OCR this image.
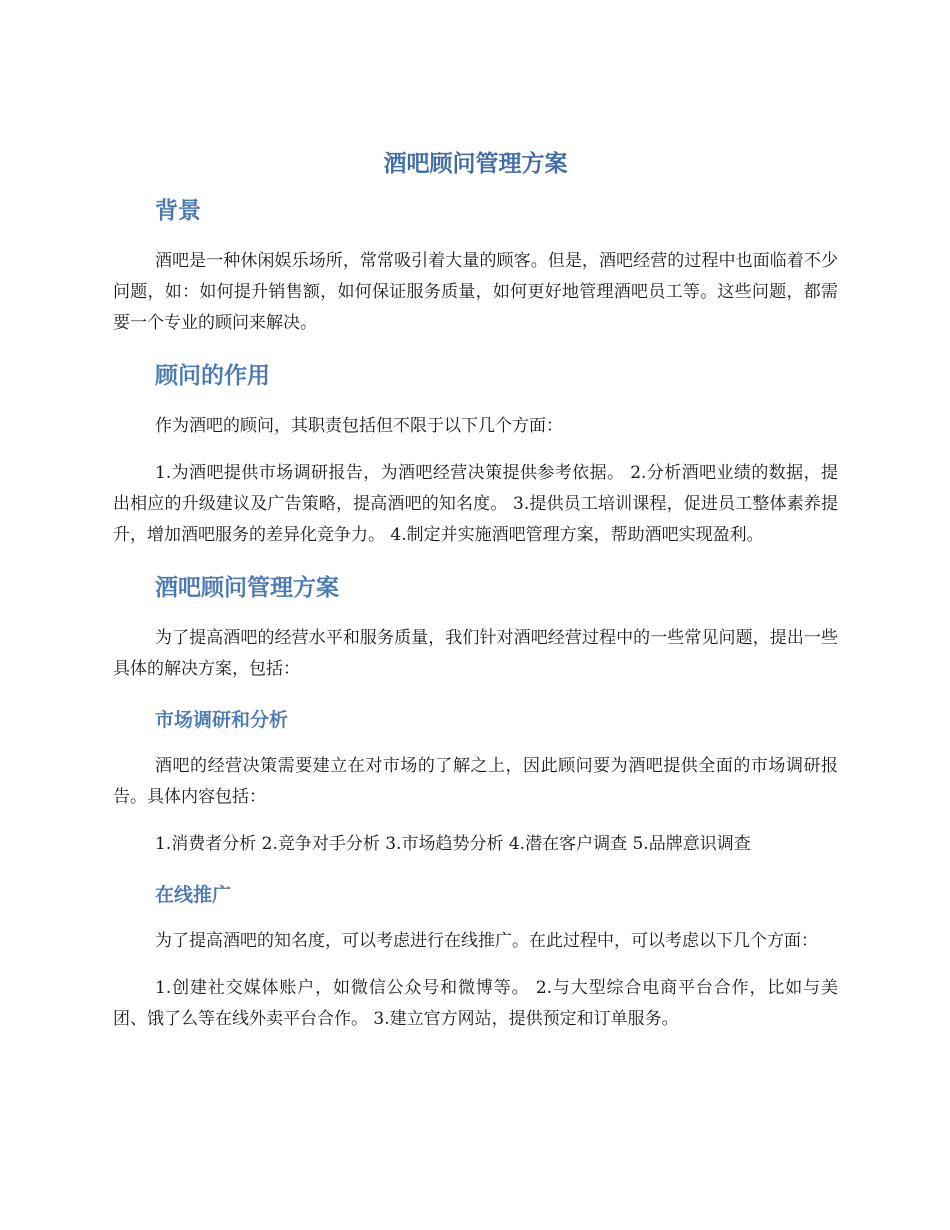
酒吧顾问管理方案
背景

酒吧是一种休闲娱乐场所，常常吸引着大量的顾客。但是，酒吧经营的过程中也面临着不少问题，如：如何提升销售额，如何保证服务质量，如何更好地管理酒吧员工等。这些问题，都需要一个专业的顾问来解决。

顾问的作用

作为酒吧的顾问，其职责包括但不限于以下几个方面：

1.为酒吧提供市场调研报告，为酒吧经营决策提供参考依据。 2.分析酒吧业绩的数据，提出相应的升级建议及广告策略，提高酒吧的知名度。 3.提供员工培训课程，促进员工整体素养提升，增加酒吧服务的差异化竞争力。 4.制定并实施酒吧管理方案，帮助酒吧实现盈利。

酒吧顾问管理方案

为了提高酒吧的经营水平和服务质量，我们针对酒吧经营过程中的一些常见问题，提出一些具体的解决方案，包括：

市场调研和分析

酒吧的经营决策需要建立在对市场的了解之上，因此顾问要为酒吧提供全面的市场调研报告。具体内容包括：

1.消费者分析 2.竞争对手分析 3.市场趋势分析 4.潜在客户调查 5.品牌意识调查

在线推广

为了提高酒吧的知名度，可以考虑进行在线推广。在此过程中，可以考虑以下几个方面：

1.创建社交媒体账户，如微信公众号和微博等。 2.与大型综合电商平台合作，比如与美团、饿了么等在线外卖平台合作。 3.建立官方网站，提供预定和订单服务。
